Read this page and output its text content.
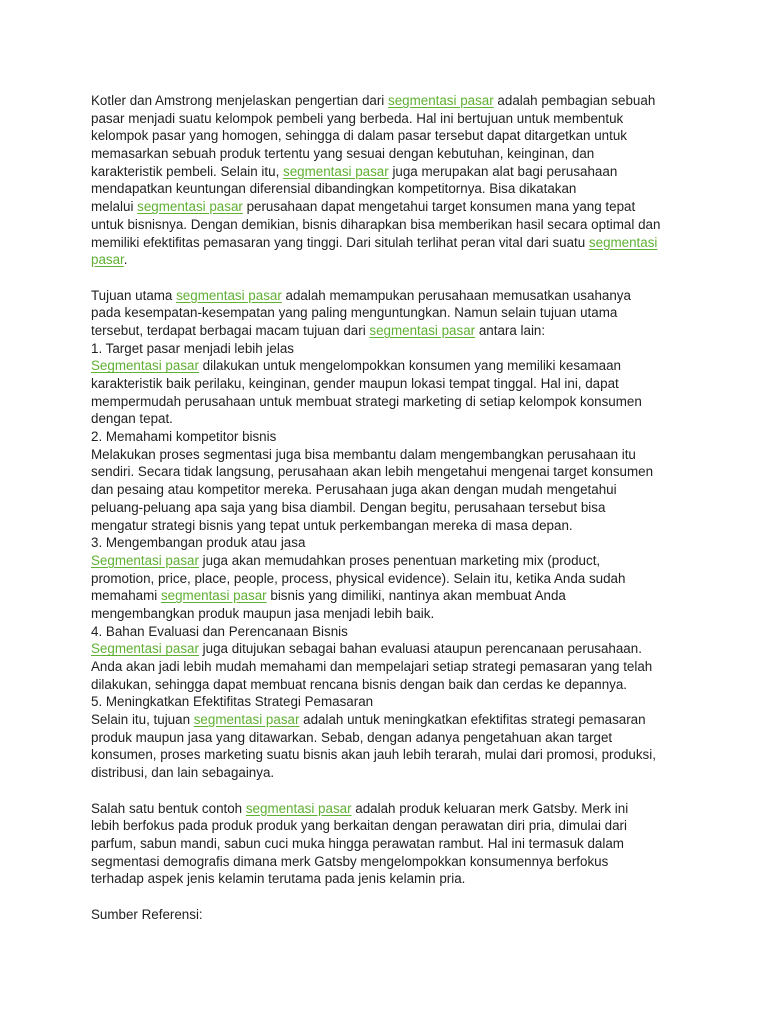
Kotler dan Amstrong menjelaskan pengertian dari segmentasi pasar adalah pembagian sebuah
pasar menjadi suatu kelompok pembeli yang berbeda. Hal ini bertujuan untuk membentuk
kelompok pasar yang homogen, sehingga di dalam pasar tersebut dapat ditargetkan untuk
memasarkan sebuah produk tertentu yang sesuai dengan kebutuhan, keinginan, dan
karakteristik pembeli. Selain itu, segmentasi pasar juga merupakan alat bagi perusahaan
mendapatkan keuntungan diferensial dibandingkan kompetitornya. Bisa dikatakan
melalui segmentasi pasar perusahaan dapat mengetahui target konsumen mana yang tepat
untuk bisnisnya. Dengan demikian, bisnis diharapkan bisa memberikan hasil secara optimal dan
memiliki efektifitas pemasaran yang tinggi. Dari situlah terlihat peran vital dari suatu segmentasi
pasar.
Tujuan utama segmentasi pasar adalah memampukan perusahaan memusatkan usahanya
pada kesempatan-kesempatan yang paling menguntungkan. Namun selain tujuan utama
tersebut, terdapat berbagai macam tujuan dari segmentasi pasar antara lain:
1. Target pasar menjadi lebih jelas
Segmentasi pasar dilakukan untuk mengelompokkan konsumen yang memiliki kesamaan
karakteristik baik perilaku, keinginan, gender maupun lokasi tempat tinggal. Hal ini, dapat
mempermudah perusahaan untuk membuat strategi marketing di setiap kelompok konsumen
dengan tepat.
2. Memahami kompetitor bisnis
Melakukan proses segmentasi juga bisa membantu dalam mengembangkan perusahaan itu
sendiri. Secara tidak langsung, perusahaan akan lebih mengetahui mengenai target konsumen
dan pesaing atau kompetitor mereka. Perusahaan juga akan dengan mudah mengetahui
peluang-peluang apa saja yang bisa diambil. Dengan begitu, perusahaan tersebut bisa
mengatur strategi bisnis yang tepat untuk perkembangan mereka di masa depan.
3. Mengembangan produk atau jasa
Segmentasi pasar juga akan memudahkan proses penentuan marketing mix (product,
promotion, price, place, people, process, physical evidence). Selain itu, ketika Anda sudah
memahami segmentasi pasar bisnis yang dimiliki, nantinya akan membuat Anda
mengembangkan produk maupun jasa menjadi lebih baik.
4. Bahan Evaluasi dan Perencanaan Bisnis
Segmentasi pasar juga ditujukan sebagai bahan evaluasi ataupun perencanaan perusahaan.
Anda akan jadi lebih mudah memahami dan mempelajari setiap strategi pemasaran yang telah
dilakukan, sehingga dapat membuat rencana bisnis dengan baik dan cerdas ke depannya.
5. Meningkatkan Efektifitas Strategi Pemasaran
Selain itu, tujuan segmentasi pasar adalah untuk meningkatkan efektifitas strategi pemasaran
produk maupun jasa yang ditawarkan. Sebab, dengan adanya pengetahuan akan target
konsumen, proses marketing suatu bisnis akan jauh lebih terarah, mulai dari promosi, produksi,
distribusi, dan lain sebagainya.
Salah satu bentuk contoh segmentasi pasar adalah produk keluaran merk Gatsby. Merk ini
lebih berfokus pada produk produk yang berkaitan dengan perawatan diri pria, dimulai dari
parfum, sabun mandi, sabun cuci muka hingga perawatan rambut. Hal ini termasuk dalam
segmentasi demografis dimana merk Gatsby mengelompokkan konsumennya berfokus
terhadap aspek jenis kelamin terutama pada jenis kelamin pria.
Sumber Referensi:
